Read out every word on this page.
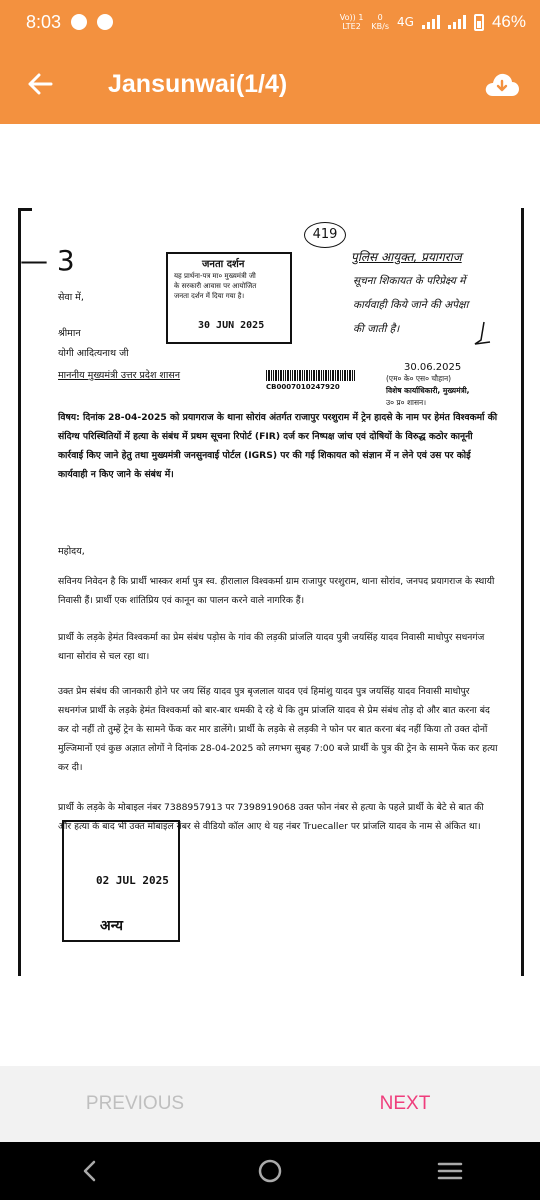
8:03	Vo)) 1
LTE2
0
KB/s 4G	46%
Jansunwai(1/4)
— 3	जनता दर्शन
यह प्रार्थना-पत्र मा० मुख्यमंत्री जी
के सरकारी आवास पर आयोजित
जनता दर्शन में दिया गया है।
30 JUN 2025
419
पुलिस आयुक्त, प्रयागराज
सूचना शिकायत के परिप्रेक्ष्य में
कार्यवाही किये जाने की अपेक्षा
की जाती है।
30.06.2025
(एम० के० एस० चौहान)
विशेष कार्याधिकारी, मुख्यमंत्री,
उ० प्र० शासन।
CB0007010247920
सेवा में,
श्रीमान
योगी आदित्यनाथ जी
माननीय मुख्यमंत्री उत्तर प्रदेश शासन
विषय: दिनांक 28-04-2025 को प्रयागराज के थाना सोरांव अंतर्गत राजापुर परशुराम में ट्रेन हादसे के नाम पर हेमंत विश्वकर्मा की संदिग्ध परिस्थितियों में हत्या के संबंध में प्रथम सूचना रिपोर्ट (FIR) दर्ज कर निष्पक्ष जांच एवं दोषियों के विरुद्ध कठोर कानूनी कार्रवाई किए जाने हेतु तथा मुख्यमंत्री जनसुनवाई पोर्टल (IGRS) पर की गई शिकायत को संज्ञान में न लेने एवं उस पर कोई कार्यवाही न किए जाने के संबंध में।
महोदय,
सविनय निवेदन है कि प्रार्थी भास्कर शर्मा पुत्र स्व. हीरालाल विश्वकर्मा ग्राम राजापुर परशुराम, थाना सोरांव, जनपद प्रयागराज के स्थायी निवासी हैं। प्रार्थी एक शांतिप्रिय एवं कानून का पालन करने वाले नागरिक हैं।
प्रार्थी के लड़के हेमंत विश्वकर्मा का प्रेम संबंध पड़ोस के गांव की लड़की प्रांजलि यादव पुत्री जयसिंह यादव निवासी माधोपुर सधनगंज थाना सोरांव से चल रहा था।
उक्त प्रेम संबंध की जानकारी होने पर जय सिंह यादव पुत्र बृजलाल यादव एवं हिमांशु यादव पुत्र जयसिंह यादव निवासी माधोपुर सधनगंज प्रार्थी के लड़के हेमंत विश्वकर्मा को बार-बार धमकी दे रहे थे कि तुम प्रांजलि यादव से प्रेम संबंध तोड़ दो और बात करना बंद कर दो नहीं तो तुम्हें ट्रेन के सामने फेंक कर मार डालेंगे। प्रार्थी के लड़के से लड़की ने फोन पर बात करना बंद नहीं किया तो उक्त दोनों मुल्जिमानों एवं कुछ अज्ञात लोगों ने दिनांक 28-04-2025 को लगभग सुबह 7:00 बजे प्रार्थी के पुत्र की ट्रेन के सामने फेंक कर हत्या कर दी।
प्रार्थी के लड़के के मोबाइल नंबर 7388957913 पर 7398919068 उक्त फोन नंबर से हत्या के पहले प्रार्थी के बेटे से बात की और हत्या के बाद भी उक्त मोबाइल नंबर से वीडियो कॉल आए थे यह नंबर Truecaller पर प्रांजलि यादव के नाम से अंकित था।
02 JUL 2025
अन्य
PREVIOUS	NEXT
